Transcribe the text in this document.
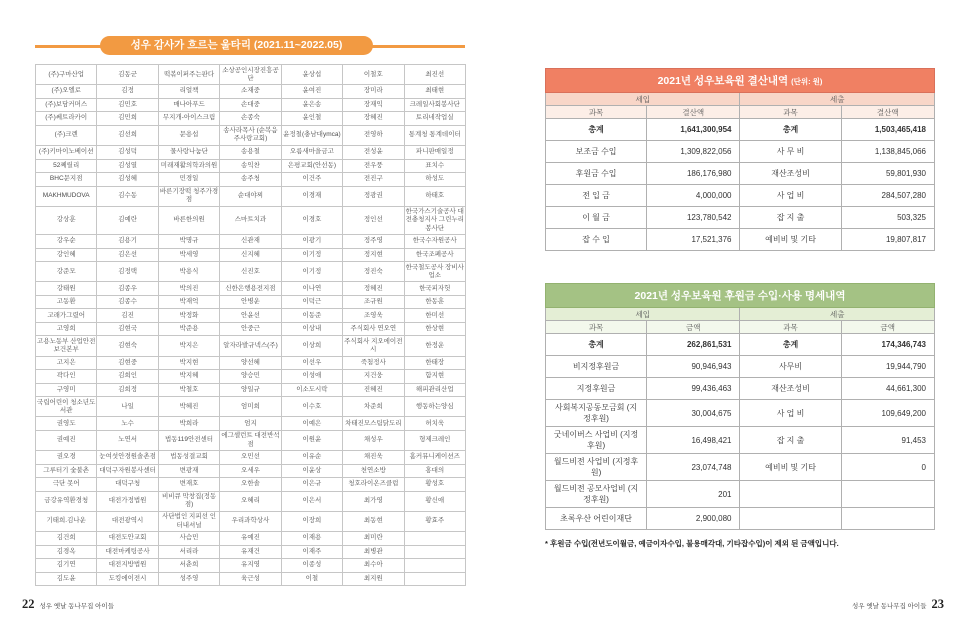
성우 감사가 흐르는 울타리 (2021.11~2022.05)
(주)구마산업	김동군	떡볶이퍼주는판다	소상공인시장진흥공단	윤상섭	이철호	최진선
(주)오엘로	김정	리얼책	소재중	윤여진	장미라	최태현
(주)보담커머스	김민호	매나아푸드	손대중	윤은송	장재익	크레일사회봉사단
(주)쎄트라카이	김민희	무지개-아이스크림	손종숙	윤인철	장혜진	토리네작업실
(주)크렌	김선희	문용섭	송사라목사 (순복음주사랑교회)	윤정철(충남대ymca)	전영하	통계청 통계데이터
(주)키마이노베이션	김성덕	물사랑나눔단	송용철	오름새마을금고	전성윤	파니판매일정
52쩨릴리	김성열	미래재활의학과의원	송익찬	은평교회(안선동)	전우풍	표치수
BHC문지점	김성혜	민경일	송주청	이건주	전진구	하성도
MAKHMUDOVA	김수동	바른기장떡 청주가경점	순대야찌	이경재	정광권	하태호
강상훈	김예란	바른한의원	스마트치과	이경호	정인선	한국가스기술공사 대전충청지사 그린누리봉사단
강우순	김용기	박명규	신관재	이광기	정주영	한국수자원공사
강인혜	김은선	박세영	신지혜	이기정	정지현	한국조폐공사
강준모	김정택	박용식	신진호	이기정	정진숙	한국철도공사 장비사업소
강태원	김종우	박의진	신한은행용전지점	이나연	정혜진	한국피자헛
고동환	김종수	박재억	안병운	이덕근	조규원	한동훈
고래가그렸어	김진	박정화	안윤선	이동준	조영욱	한미선
고영희	김현국	박준용	안중근	이상내	주식회사 연오연	한상현
고용노동부 산업안전보건본부	김현숙	박지은	알자라발규넥스(주)	이상희	주식회사 지오에이전시	한정운
고지은	김현중	박지현	양선혜	이선우	죽첨정사	한태장
곽다인	김희인	박지혜	양승민	이성애	지건웅	함지현
구영미	김희정	박철호	양일규	이소도시락	진혜진	해피관리산업
국립어린이 청소년도서관	나일	박혜진	엄미희	이수호	차준희	행동하는양심
권영도	노수	박희라	엄지	이예은	차태진모스팀닭도리	허치욱
권예진	노연서	법동119안전센터	에그셀런트 대전반석점	이원윤	채성우	형제크레인
권오경	눈여섯안경원솔촌점	법동성결교회	오민선	이유순	채진욱	홈커뮤니케이션즈
그루터기 숯불촌	대덕구자원봉사센터	변광재	오세우	이윤상	천연소방	홍대의
극단 못어	대덕구청	변재호	오한솔	이은규	청호라이온즈클럽	황성호
금강유역환경청	대전가정법원	비비큐 막창집(정동점)	오혜리	이은서	최가영	황신애
기태희.김나운	대전광역시	사단법인 지피선 인터내셔널	우리과학상사	이장희	최동현	황효주
김건희	대전도안교회	사슴민	유예진	이재용	최미란	
김경옥	대전마케팅공사	서리라	유재건	이재주	최병관	
김기연	대전지방법원	서춘희	유지영	이종성	최수아	
김도윤	도킹에이전시	성주영	육근성	이철	최지원	
22 성우 옛날 동나무집 아이들
2021년 성우보육원 결산내역 (단위: 원)			
세입		세출	
과목	결산액	과목	결산액
총계	1,641,300,954	총계	1,503,465,418
보조금 수입	1,309,822,056	사 무 비	1,138,845,066
후원금 수입	186,176,980	재산조성비	59,801,930
전 입 금	4,000,000	사 업 비	284,507,280
이 월 금	123,780,542	잡 지 출	503,325
잡 수 입	17,521,376	예비비 및 기타	19,807,817
2021년 성우보육원 후원금 수입·사용 명세내역			
세입		세출	
과목	금액	과목	금액
총계	262,861,531	총계	174,346,743
비지정후원금	90,946,943	사무비	19,944,790
지정후원금	99,436,463	재산조성비	44,661,300
사회복지공동모금회 (지정후원)	30,004,675	사 업 비	109,649,200
굿네이버스 사업비 (지정후원)	16,498,421	잡 지 출	91,453
월드비전 사업비 (지정후원)	23,074,748	예비비 및 기타	0
월드비전 공모사업비 (지정후원)	201		
초록우산 어린이재단	2,900,080		
* 후원금 수입(전년도이월금, 예금이자수입, 불용매각대, 기타잡수입)이 제외 된 금액입니다.
성우 옛날 동나무집 아이들 23
